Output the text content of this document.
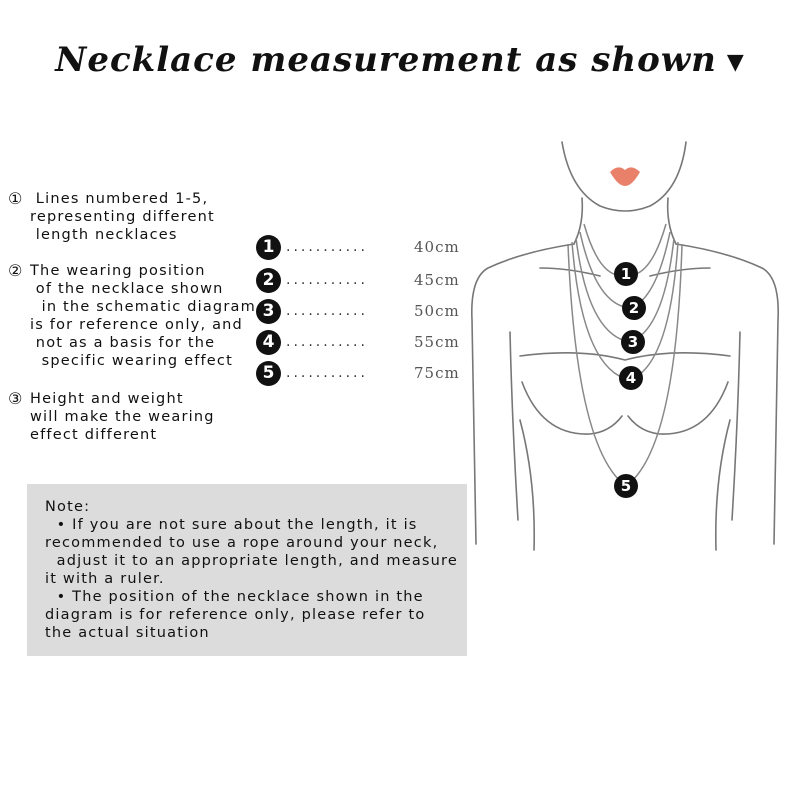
Necklace measurement as shown ▼
① Lines numbered 1-5,
representing different
length necklaces
② The wearing position
of the necklace shown
in the schematic diagram
is for reference only, and
not as a basis for the
specific wearing effect
③ Height and weight
will make the wearing
effect different
Note:
• If you are not sure about the length, it is
recommended to use a rope around your neck,
adjust it to an appropriate length, and measure
it with a ruler.
• The position of the necklace shown in the
diagram is for reference only, please refer to
the actual situation
1 ...........	40cm
2 ...........	45cm
3 ...........	50cm
4 ...........	55cm
5 ...........	75cm
1
2
3
4
5
